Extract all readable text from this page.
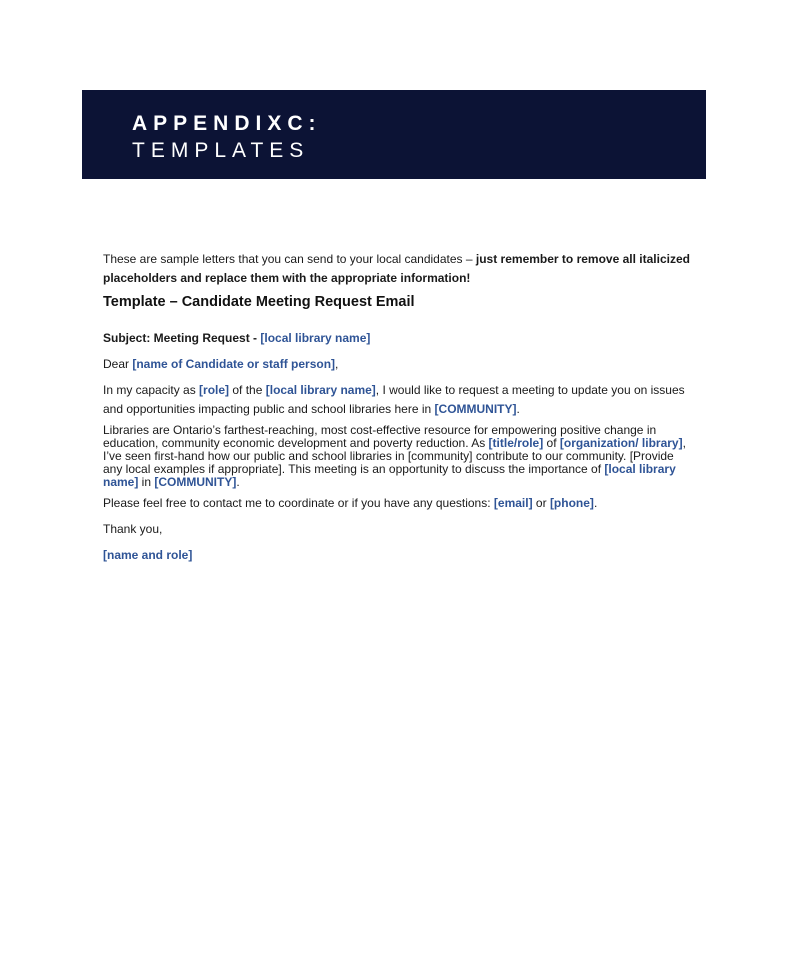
APPENDIXC:
TEMPLATES

These are sample letters that you can send to your local candidates – just remember to remove all italicized placeholders and replace them with the appropriate information!

Template – Candidate Meeting Request Email

Subject: Meeting Request - [local library name]

Dear [name of Candidate or staff person],

In my capacity as [role] of the [local library name], I would like to request a meeting to update you on issues and opportunities impacting public and school libraries here in [COMMUNITY].

Libraries are Ontario’s farthest-reaching, most cost-effective resource for empowering positive change in education, community economic development and poverty reduction. As [title/role] of [organization/ library], I’ve seen first-hand how our public and school libraries in [community] contribute to our community. [Provide any local examples if appropriate]. This meeting is an opportunity to discuss the importance of [local library name] in [COMMUNITY].

Please feel free to contact me to coordinate or if you have any questions: [email] or [phone].

Thank you,

[name and role]
